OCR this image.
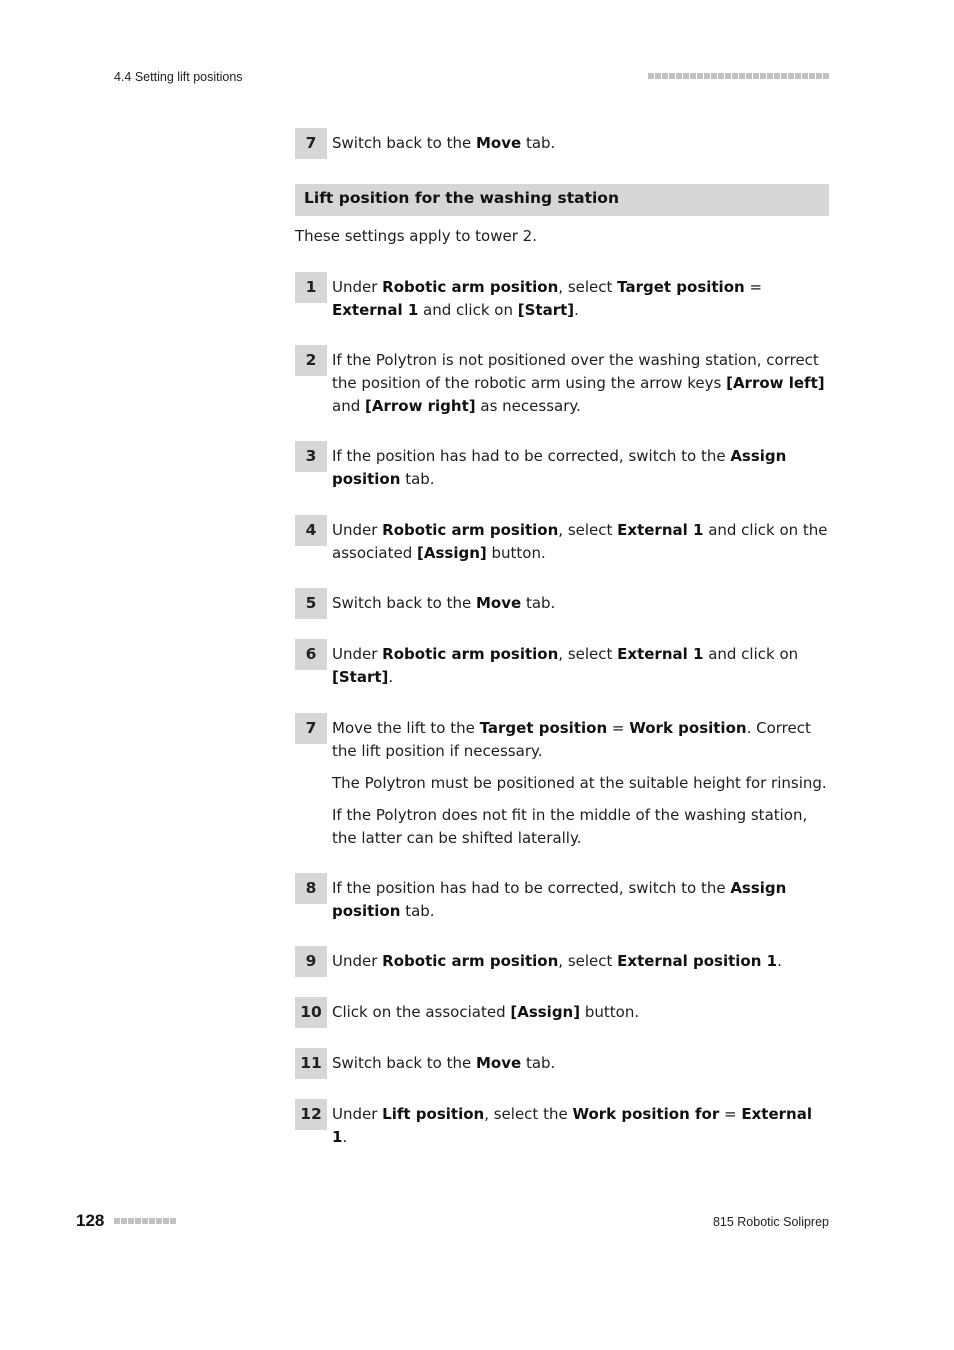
4.4 Setting lift positions
7	Switch back to the Move tab.

Lift position for the washing station
These settings apply to tower 2.
1	Under Robotic arm position, select Target position = External 1 and click on [Start].

2	If the Polytron is not positioned over the washing station, correct the position of the robotic arm using the arrow keys [Arrow left] and [Arrow right] as necessary.

3	If the position has had to be corrected, switch to the Assign position tab.

4	Under Robotic arm position, select External 1 and click on the associated [Assign] button.

5	Switch back to the Move tab.

6	Under Robotic arm position, select External 1 and click on [Start].

7	Move the lift to the Target position = Work position. Correct the lift position if necessary.

The Polytron must be positioned at the suitable height for rinsing.

If the Polytron does not fit in the middle of the washing station, the latter can be shifted laterally.

8	If the position has had to be corrected, switch to the Assign position tab.

9	Under Robotic arm position, select External position 1.

10 Click on the associated [Assign] button.

11 Switch back to the Move tab.

12 Under Lift position, select the Work position for = External 1.

128	815 Robotic Soliprep
